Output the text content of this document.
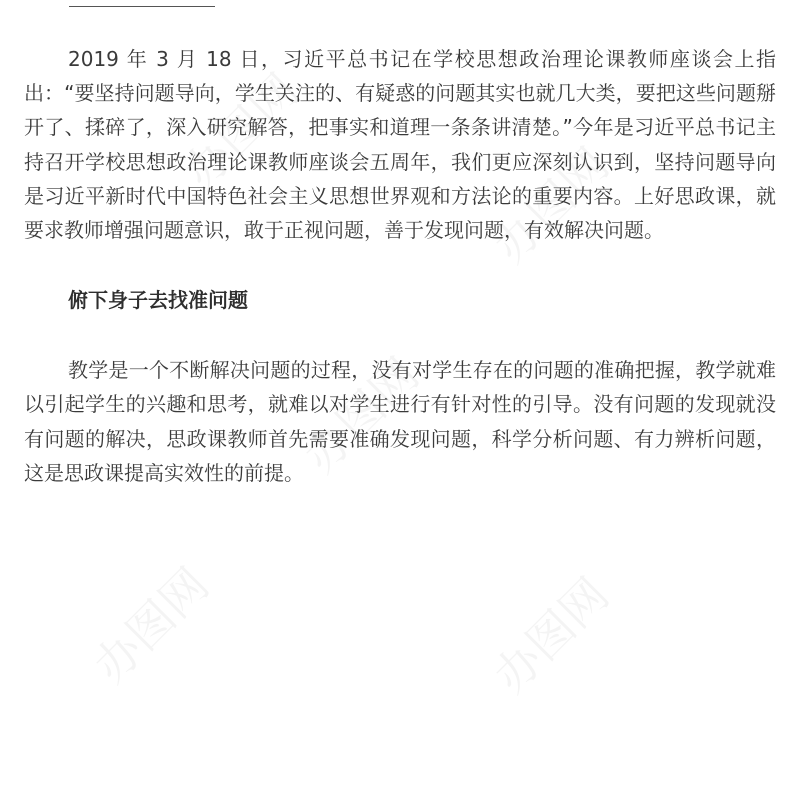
2019 年 3 月 18 日，习近平总书记在学校思想政治理论课教师座谈会上指出：“要坚持问题导向，学生关注的、有疑惑的问题其实也就几大类，要把这些问题掰开了、揉碎了，深入研究解答，把事实和道理一条条讲清楚。”今年是习近平总书记主持召开学校思想政治理论课教师座谈会五周年，我们更应深刻认识到，坚持问题导向是习近平新时代中国特色社会主义思想世界观和方法论的重要内容。上好思政课，就要求教师增强问题意识，敢于正视问题，善于发现问题，有效解决问题。

俯下身子去找准问题

教学是一个不断解决问题的过程，没有对学生存在的问题的准确把握，教学就难以引起学生的兴趣和思考，就难以对学生进行有针对性的引导。没有问题的发现就没有问题的解决，思政课教师首先需要准确发现问题，科学分析问题、有力辨析问题，这是思政课提高实效性的前提。
